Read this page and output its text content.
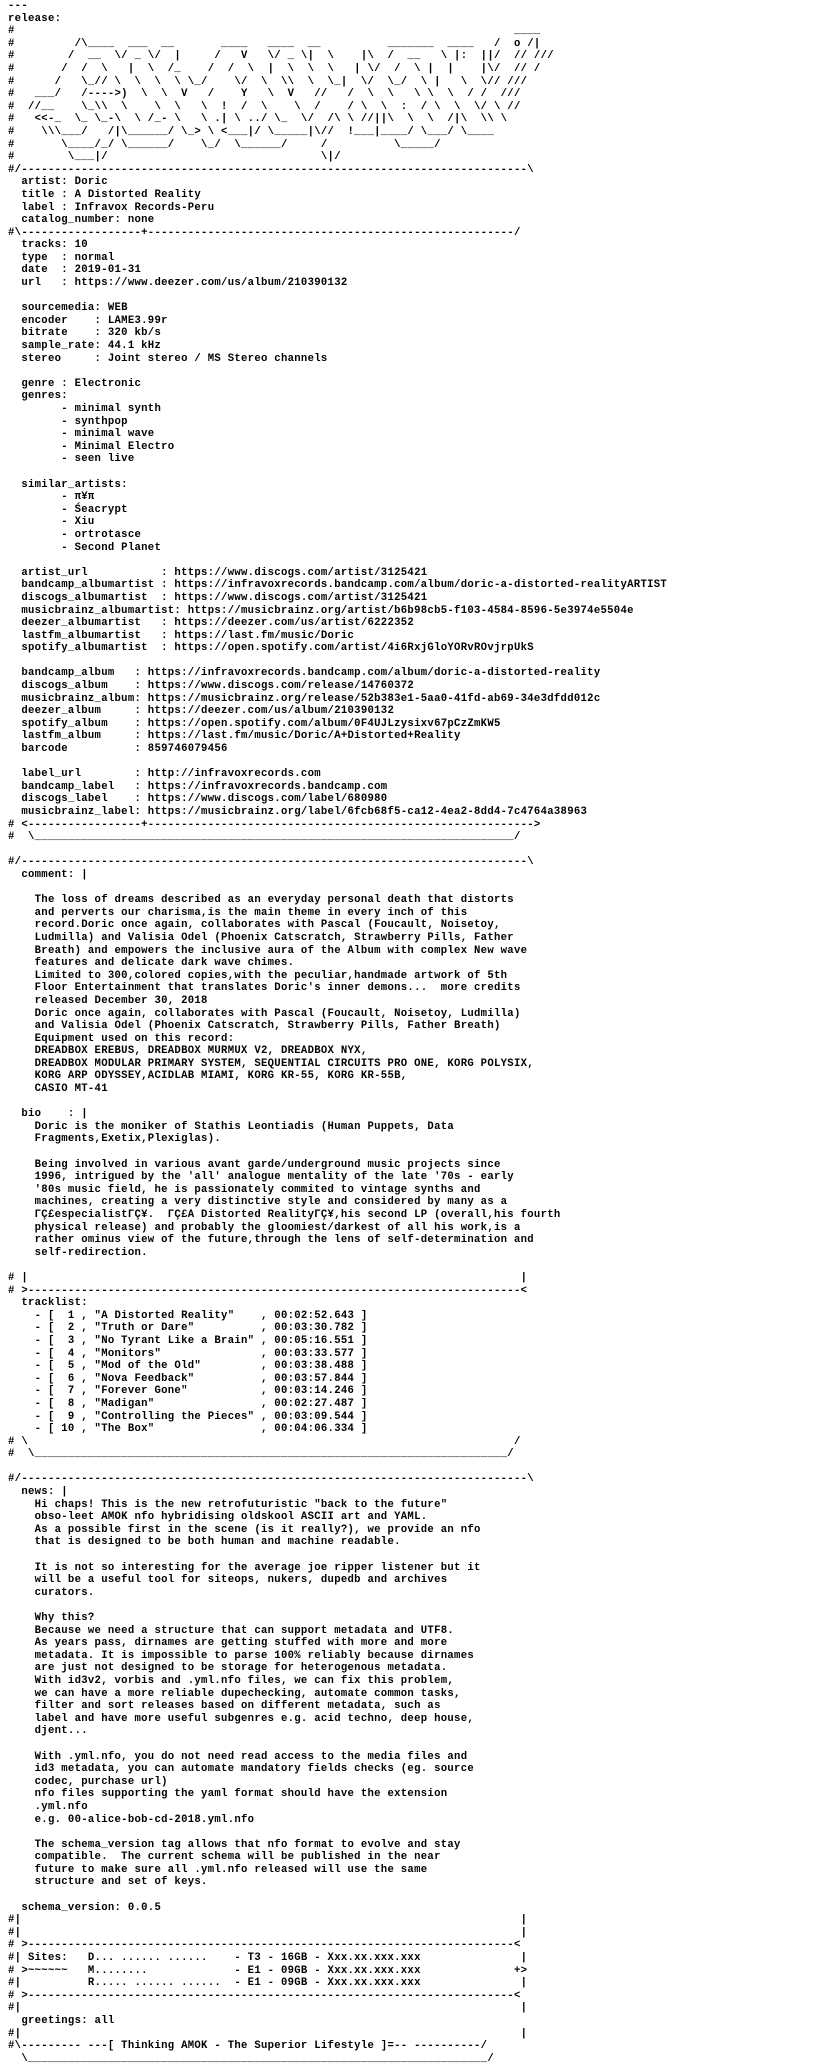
---
release:
#                                                                           ____
#         /\____  ___  __       ____   ____  __          _______  ____   /  o /|
#        /  __  \/ _ \/  |     /   V   \/ _ \|  \    |\  /  __   \ |:  ||/  // ///
#       /  /  \   |  \  /_    /  /  \  |  \  \  \   | \/  /  \ |  |    |\/  // /
#      /   \_// \  \  \  \ \_/    \/  \  \\  \  \_|  \/  \_/  \ |   \  \// ///
#   ___/   /---->)  \  \  V   /    Y   \  V   //   /  \  \   \ \  \  / /  ///
#  //__    \_\\  \    \  \   \  !  /  \    \  /    / \  \  :  / \  \  \/ \ //
#   <<-_  \_ \_-\  \ /_- \   \ .| \ ../ \_  \/  /\ \ //||\  \  \  /|\  \\ \
#    \\\___/   /|\______/ \_> \ <___|/ \_____|\//  !___|____/ \___/ \____
#       \____/_/ \______/    \_/  \______/     /          \_____/
#        \___|/                                \|/
#/----------------------------------------------------------------------------\
artist: Doric
title : A Distorted Reality
label : Infravox Records-Peru
catalog_number: none
#\------------------+-------------------------------------------------------/
tracks: 10
type  : normal
date  : 2019-01-31
url   : https://www.deezer.com/us/album/210390132

sourcemedia: WEB
encoder    : LAME3.99r
bitrate    : 320 kb/s
sample_rate: 44.1 kHz
stereo     : Joint stereo / MS Stereo channels

genre : Electronic
genres:
- minimal synth
- synthpop
- minimal wave
- Minimal Electro
- seen live

similar_artists:
- π¥π
- Śeacrypt
- Xiu
- ortrotasce
- Second Planet

artist_url           : https://www.discogs.com/artist/3125421
bandcamp_albumartist : https://infravoxrecords.bandcamp.com/album/doric-a-distorted-realityARTIST
discogs_albumartist  : https://www.discogs.com/artist/3125421
musicbrainz_albumartist: https://musicbrainz.org/artist/b6b98cb5-f103-4584-8596-5e3974e5504e
deezer_albumartist   : https://deezer.com/us/artist/6222352
lastfm_albumartist   : https://last.fm/music/Doric
spotify_albumartist  : https://open.spotify.com/artist/4i6RxjGloYORvROvjrpUkS

bandcamp_album   : https://infravoxrecords.bandcamp.com/album/doric-a-distorted-reality
discogs_album    : https://www.discogs.com/release/14760372
musicbrainz_album: https://musicbrainz.org/release/52b383e1-5aa0-41fd-ab69-34e3dfdd012c
deezer_album     : https://deezer.com/us/album/210390132
spotify_album    : https://open.spotify.com/album/0F4UJLzysixv67pCzZmKW5
lastfm_album     : https://last.fm/music/Doric/A+Distorted+Reality
barcode          : 859746079456

label_url        : http://infravoxrecords.com
bandcamp_label   : https://infravoxrecords.bandcamp.com
discogs_label    : https://www.discogs.com/label/680980
musicbrainz_label: https://musicbrainz.org/label/6fcb68f5-ca12-4ea2-8dd4-7c4764a38963
# <-----------------+---------------------------------------------------------->
#  \________________________________________________________________________/

#/----------------------------------------------------------------------------\
comment: |

The loss of dreams described as an everyday personal death that distorts
and perverts our charisma,is the main theme in every inch of this
record.Doric once again, collaborates with Pascal (Foucault, Noisetoy,
Ludmilla) and Valisia Odel (Phoenix Catscratch, Strawberry Pills, Father
Breath) and empowers the inclusive aura of the Album with complex New wave
features and delicate dark wave chimes.
Limited to 300,colored copies,with the peculiar,handmade artwork of 5th
Floor Entertainment that translates Doric's inner demons...  more credits
released December 30, 2018
Doric once again, collaborates with Pascal (Foucault, Noisetoy, Ludmilla)
and Valisia Odel (Phoenix Catscratch, Strawberry Pills, Father Breath)
Equipment used on this record:
DREADBOX EREBUS, DREADBOX MURMUX V2, DREADBOX NYX,
DREADBOX MODULAR PRIMARY SYSTEM, SEQUENTIAL CIRCUITS PRO ONE, KORG POLYSIX,
KORG ARP ODYSSEY,ACIDLAB MIAMI, KORG KR-55, KORG KR-55B,
CASIO MT-41

bio    : |
Doric is the moniker of Stathis Leontiadis (Human Puppets, Data
Fragments,Exetix,Plexiglas).

Being involved in various avant garde/underground music projects since
1996, intrigued by the 'all' analogue mentality of the late '70s - early
'80s music field, he is passionately commited to vintage synths and
machines, creating a very distinctive style and considered by many as a
ΓÇ£especialistΓÇ¥.  ΓÇ£A Distorted RealityΓÇ¥,his second LP (overall,his fourth
physical release) and probably the gloomiest/darkest of all his work,is a
rather ominus view of the future,through the lens of self-determination and
self-redirection.

# |                                                                          |
# >--------------------------------------------------------------------------<
tracklist:
- [  1 , "A Distorted Reality"    , 00:02:52.643 ]
- [  2 , "Truth or Dare"          , 00:03:30.782 ]
- [  3 , "No Tyrant Like a Brain" , 00:05:16.551 ]
- [  4 , "Monitors"               , 00:03:33.577 ]
- [  5 , "Mod of the Old"         , 00:03:38.488 ]
- [  6 , "Nova Feedback"          , 00:03:57.844 ]
- [  7 , "Forever Gone"           , 00:03:14.246 ]
- [  8 , "Madigan"                , 00:02:27.487 ]
- [  9 , "Controlling the Pieces" , 00:03:09.544 ]
- [ 10 , "The Box"                , 00:04:06.334 ]
# \                                                                         /
#  \_______________________________________________________________________/

#/----------------------------------------------------------------------------\
news: |
Hi chaps! This is the new retrofuturistic "back to the future"
obso-leet AMOK nfo hybridising oldskool ASCII art and YAML.
As a possible first in the scene (is it really?), we provide an nfo
that is designed to be both human and machine readable.

It is not so interesting for the average joe ripper listener but it
will be a useful tool for siteops, nukers, dupedb and archives
curators.

Why this?
Because we need a structure that can support metadata and UTF8.
As years pass, dirnames are getting stuffed with more and more
metadata. It is impossible to parse 100% reliably because dirnames
are just not designed to be storage for heterogenous metadata.
With id3v2, vorbis and .yml.nfo files, we can fix this problem,
we can have a more reliable dupechecking, automate common tasks,
filter and sort releases based on different metadata, such as
label and have more useful subgenres e.g. acid techno, deep house,
djent...

With .yml.nfo, you do not need read access to the media files and
id3 metadata, you can automate mandatory fields checks (eg. source
codec, purchase url)
nfo files supporting the yaml format should have the extension
.yml.nfo
e.g. 00-alice-bob-cd-2018.yml.nfo

The schema_version tag allows that nfo format to evolve and stay
compatible.  The current schema will be published in the near
future to make sure all .yml.nfo released will use the same
structure and set of keys.

schema_version: 0.0.5
#|                                                                           |
#|                                                                           |
# >-------------------------------------------------------------------------<
#| Sites:   D... ...... ......    - T3 - 16GB - Xxx.xx.xxx.xxx               |
# >~~~~~~   M........             - E1 - 09GB - Xxx.xx.xxx.xxx              +>
#|          R..... ...... ......  - E1 - 09GB - Xxx.xx.xxx.xxx               |
# >-------------------------------------------------------------------------<
#|                                                                           |
greetings: all
#|                                                                           |
#\--------- ---[ Thinking AMOK - The Superior Lifestyle ]=-- ----------/
\_____________________________________________________________________/
